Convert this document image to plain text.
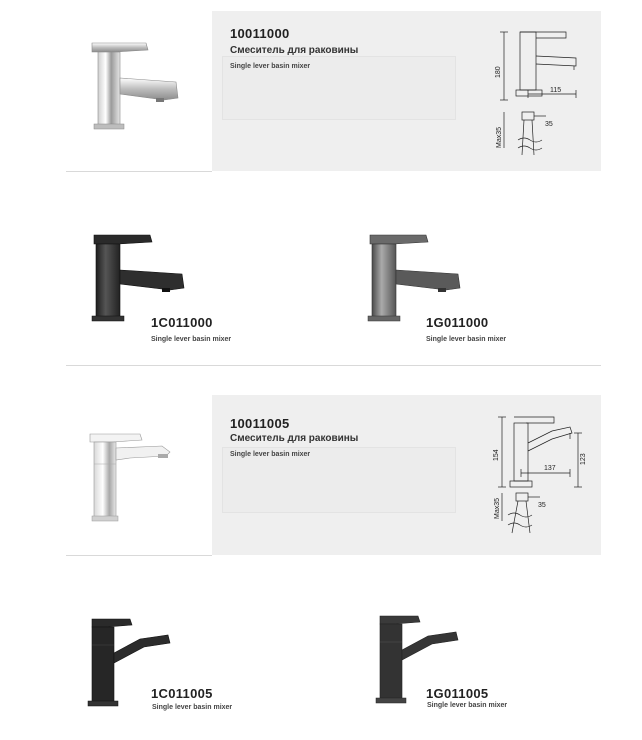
10011000
Смеситель для раковины
Single lever basin mixer	180
115
Max35
35
1C011000
Single lever basin mixer
1G011000
Single lever basin mixer
10011005
Смеситель для раковины
Single lever basin mixer	154
137
123
Max35	35
1C011005
Single lever basin mixer
1G011005
Single lever basin mixer
